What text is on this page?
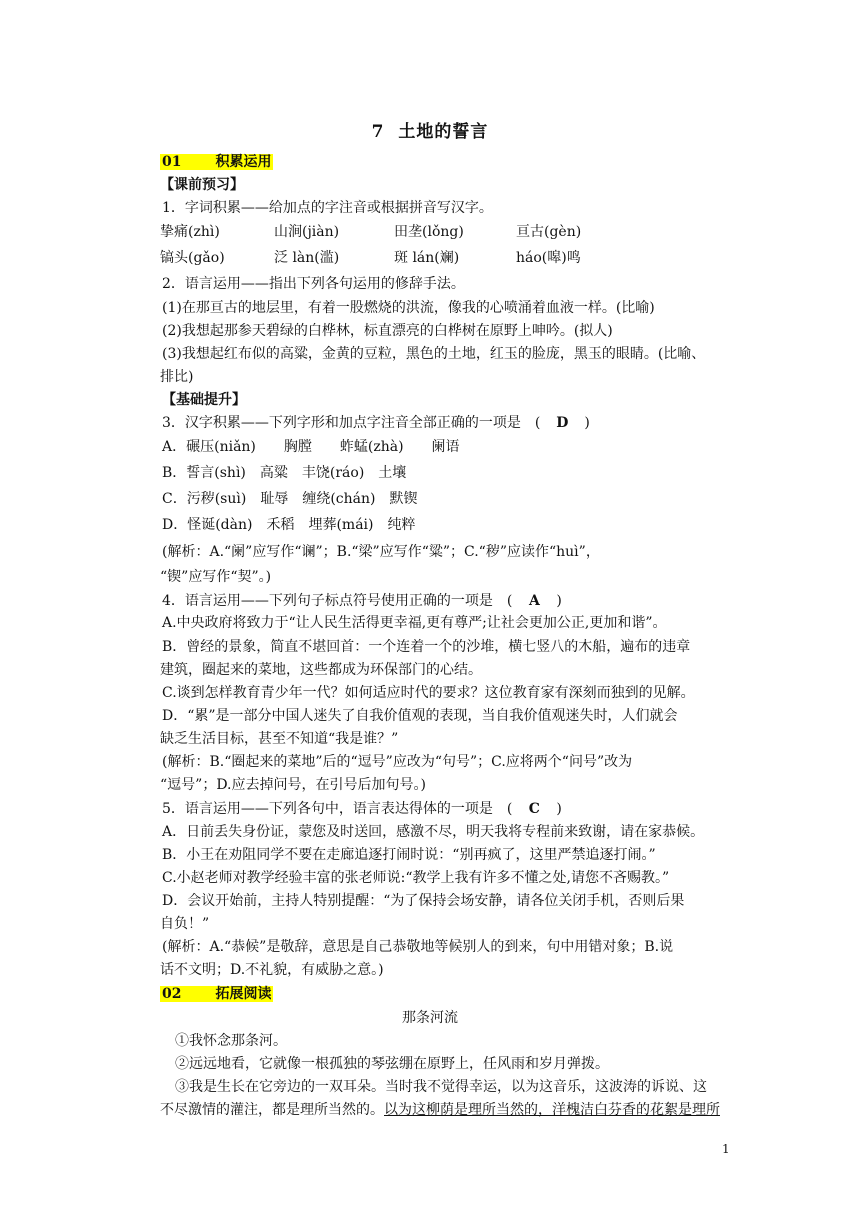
7 土地的誓言
01 积累运用
【课前预习】
1．字词积累——给加点的字注音或根据拼音写汉字。
挚痛(zhì)	山涧(jiàn)	田垄(lǒng)	亘古(gèn)
镐头(gǎo)	泛 làn(滥)	斑 lán(斓)	háo(嗥)鸣
2．语言运用——指出下列各句运用的修辞手法。
(1)在那亘古的地层里，有着一股燃烧的洪流，像我的心喷涌着血液一样。(比喻)
(2)我想起那参天碧绿的白桦林，标直漂亮的白桦树在原野上呻吟。(拟人)
(3)我想起红布似的高粱，金黄的豆粒，黑色的土地，红玉的脸庞，黑玉的眼睛。(比喻、
排比)
【基础提升】
3．汉字积累——下列字形和加点字注音全部正确的一项是　( D )
A．碾压(niǎn)　　胸膛　　蚱蜢(zhà)　　阑语
B．誓言(shì)　高粱　丰饶(ráo)　土壤
C．污秽(suì)　耻辱　缠绕(chán)　默锲
D．怪诞(dàn)　禾稻　埋葬(mái)　纯粹
(解析：A.“阑”应写作“谰”；B.“梁”应写作“粱”；C.“秽”应读作“huì”，
“锲”应写作“契”。)
4．语言运用——下列句子标点符号使用正确的一项是　( A )
A.中央政府将致力于“让人民生活得更幸福,更有尊严;让社会更加公正,更加和谐”。
B．曾经的景象，简直不堪回首：一个连着一个的沙堆，横七竖八的木船，遍布的违章
建筑，圈起来的菜地，这些都成为环保部门的心结。
C.谈到怎样教育青少年一代？如何适应时代的要求？这位教育家有深刻而独到的见解。
D．“累”是一部分中国人迷失了自我价值观的表现，当自我价值观迷失时，人们就会
缺乏生活目标，甚至不知道“我是谁？”
(解析：B.“圈起来的菜地”后的“逗号”应改为“句号”；C.应将两个“问号”改为
“逗号”；D.应去掉问号，在引号后加句号。)
5．语言运用——下列各句中，语言表达得体的一项是　( C )
A．日前丢失身份证，蒙您及时送回，感激不尽，明天我将专程前来致谢，请在家恭候。
B．小王在劝阻同学不要在走廊追逐打闹时说：“别再疯了，这里严禁追逐打闹。”
C.小赵老师对教学经验丰富的张老师说:“教学上我有许多不懂之处,请您不吝赐教。”
D．会议开始前，主持人特别提醒：“为了保持会场安静，请各位关闭手机，否则后果
自负！”
(解析：A.“恭候”是敬辞，意思是自己恭敬地等候别人的到来，句中用错对象；B.说
话不文明；D.不礼貌，有威胁之意。)
02 拓展阅读
那条河流
①我怀念那条河。
②远远地看，它就像一根孤独的琴弦绷在原野上，任风雨和岁月弹拨。
③我是生长在它旁边的一双耳朵。当时我不觉得幸运，以为这音乐，这波涛的诉说、这
不尽激情的灌注，都是理所当然的。以为这柳荫是理所当然的，洋槐洁白芬香的花絮是理所
1
